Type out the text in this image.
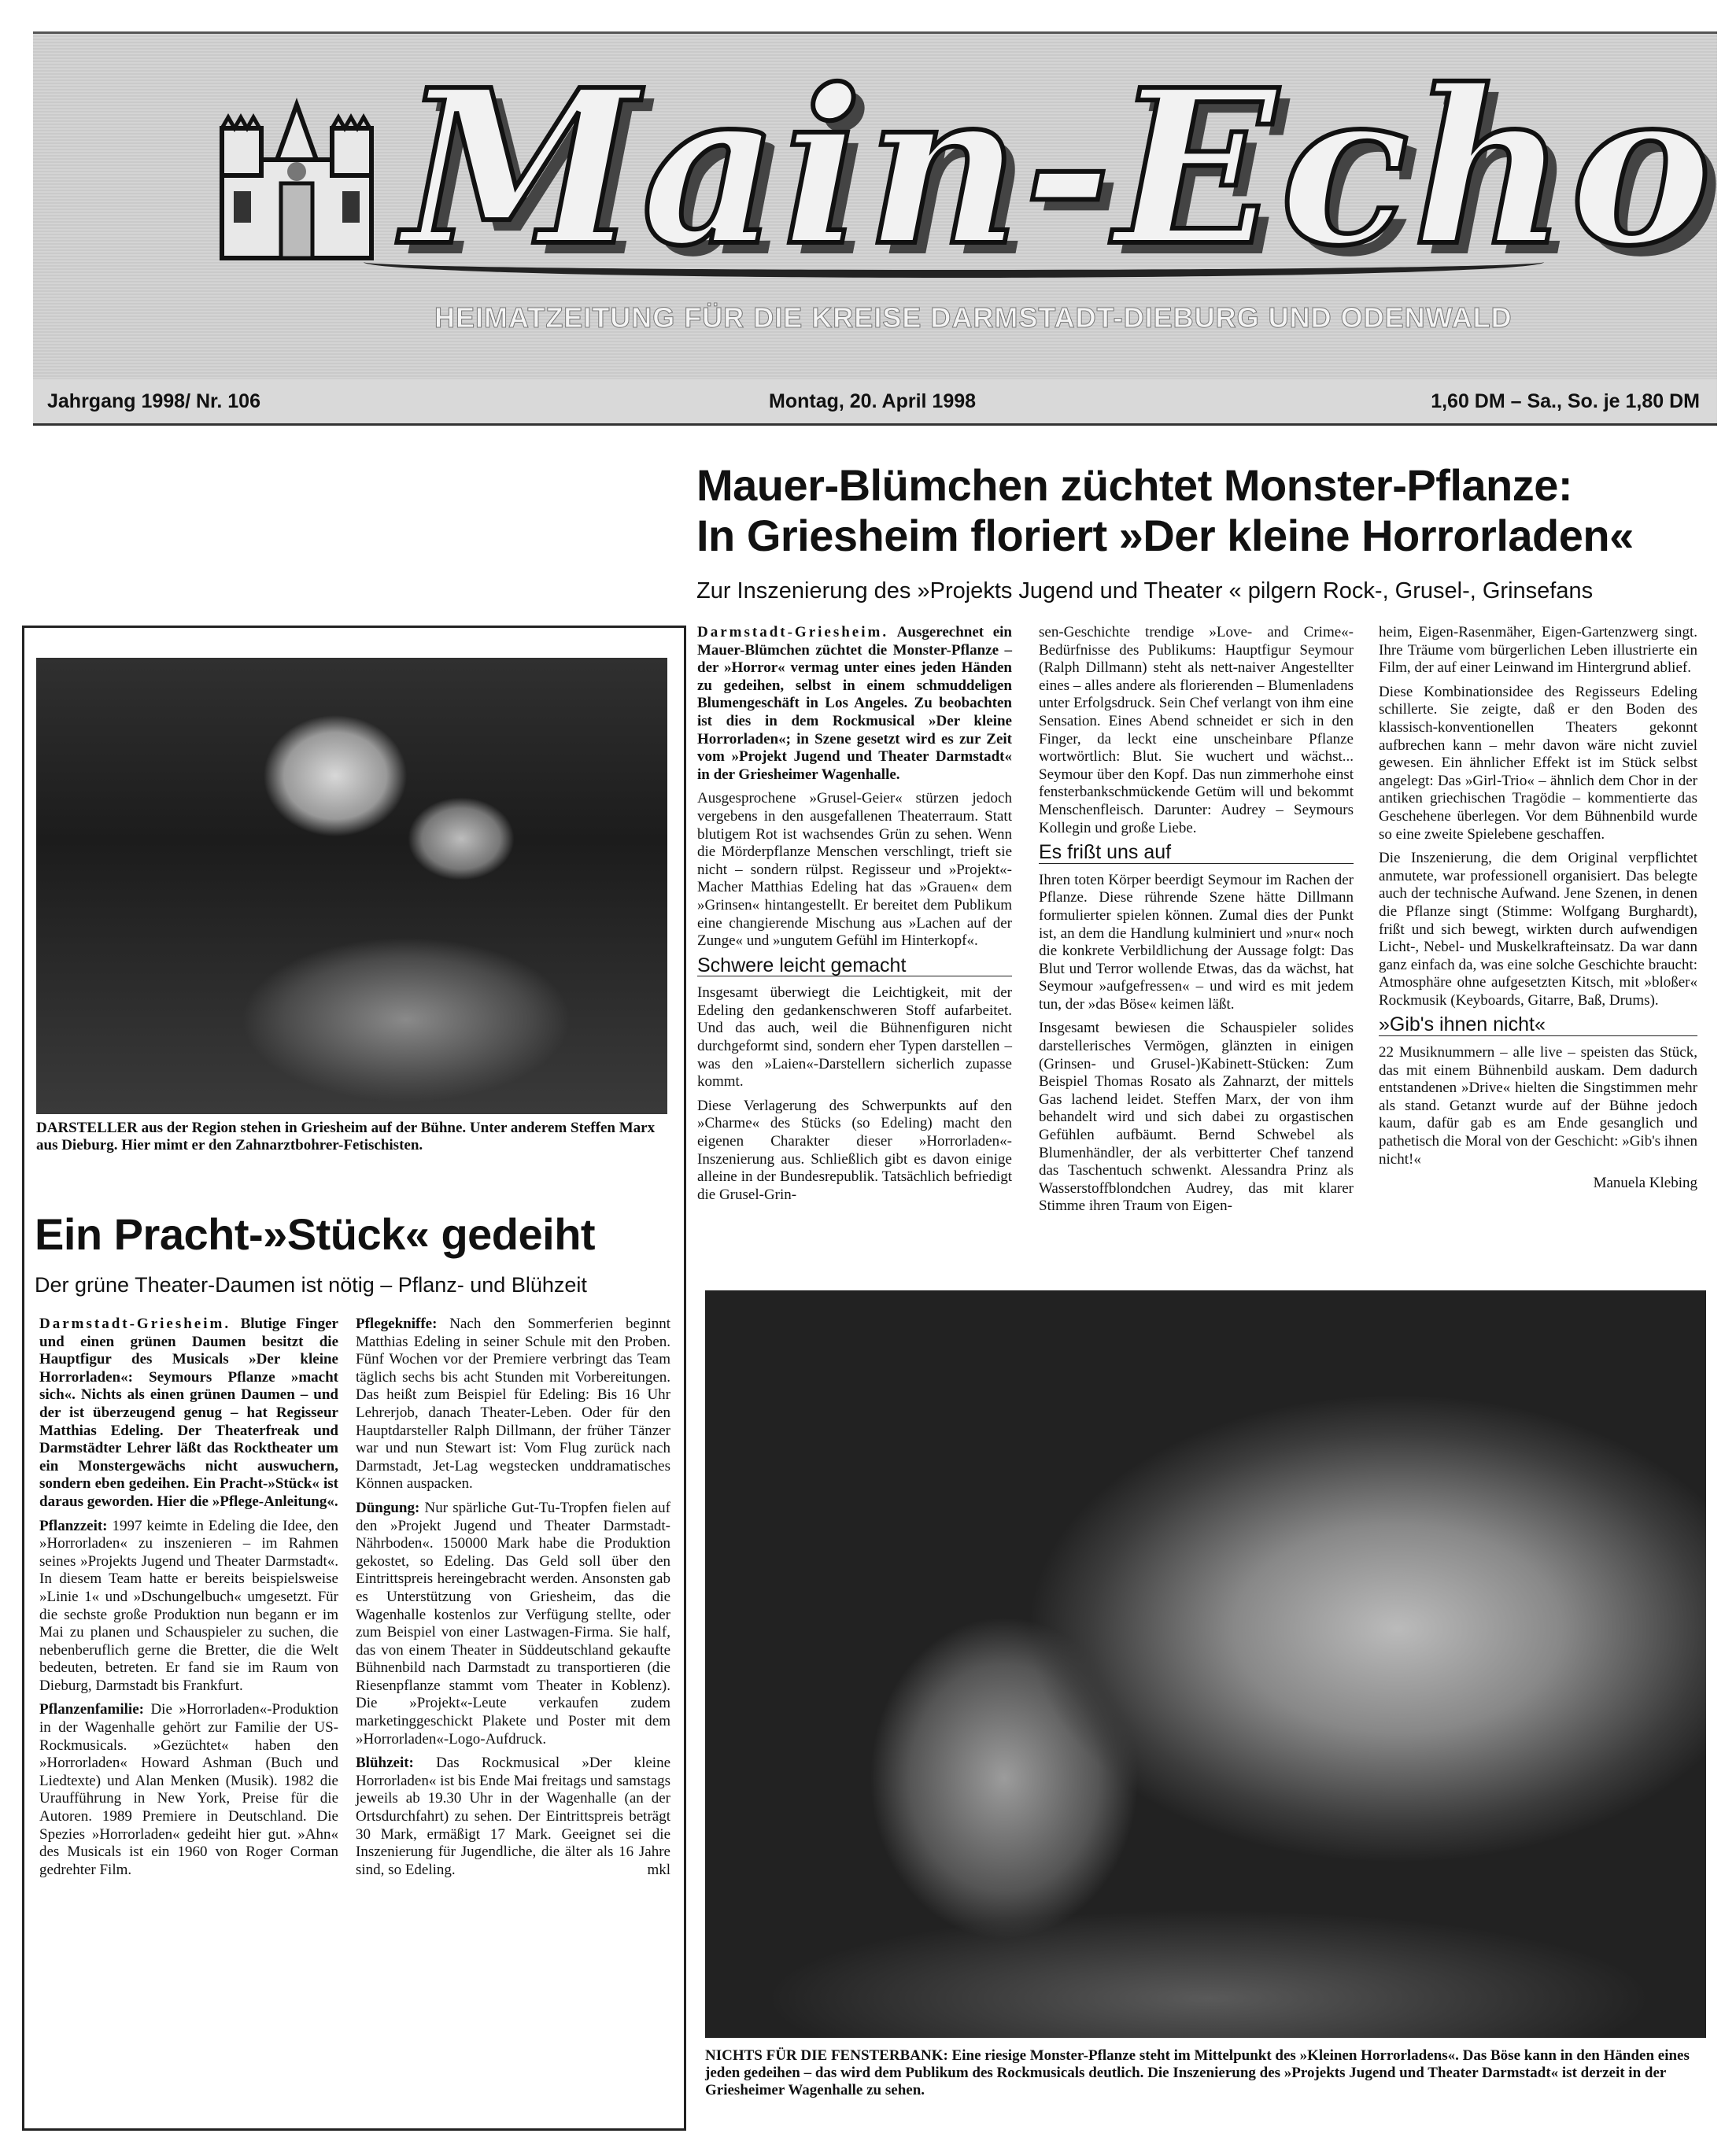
Main-Echo
HEIMATZEITUNG FÜR DIE KREISE DARMSTADT-DIEBURG UND ODENWALD
Jahrgang 1998/ Nr. 106	Montag, 20. April 1998	1,60 DM – Sa., So. je 1,80 DM
Mauer-Blümchen züchtet Monster-Pflanze:
In Griesheim floriert »Der kleine Horrorladen«
Zur Inszenierung des »Projekts Jugend und Theater « pilgern Rock-, Grusel-, Grinsefans
DARSTELLER aus der Region stehen in Griesheim auf der Bühne. Unter anderem Steffen Marx aus Dieburg. Hier mimt er den Zahnarztbohrer-Fetischisten.
Ein Pracht-»Stück« gedeiht
Der grüne Theater-Daumen ist nötig – Pflanz- und Blühzeit

Darmstadt-Griesheim. Blutige Finger und einen grünen Daumen besitzt die Hauptfigur des Musicals »Der kleine Horrorladen«: Seymours Pflanze »macht sich«. Nichts als einen grünen Daumen – und der ist überzeugend genug – hat Regisseur Matthias Edeling. Der Theaterfreak und Darmstädter Lehrer läßt das Rocktheater um ein Monstergewächs nicht auswuchern, sondern eben gedeihen. Ein Pracht-»Stück« ist daraus geworden. Hier die »Pflege-Anleitung«.

Pflanzzeit: 1997 keimte in Edeling die Idee, den »Horrorladen« zu inszenieren – im Rahmen seines »Projekts Jugend und Theater Darmstadt«. In diesem Team hatte er bereits beispielsweise »Linie 1« und »Dschungelbuch« umgesetzt. Für die sechste große Produktion nun begann er im Mai zu planen und Schauspieler zu suchen, die nebenberuflich gerne die Bretter, die die Welt bedeuten, betreten. Er fand sie im Raum von Dieburg, Darmstadt bis Frankfurt.

Pflanzenfamilie: Die »Horrorladen«-Produktion in der Wagenhalle gehört zur Familie der US-Rockmusicals. »Gezüchtet« haben den »Horrorladen« Howard Ashman (Buch und Liedtexte) und Alan Menken (Musik). 1982 die Uraufführung in New York, Preise für die Autoren. 1989 Premiere in Deutschland. Die Spezies »Horrorladen« gedeiht hier gut. »Ahn« des Musicals ist ein 1960 von Roger Corman gedrehter Film.

Pflegekniffe: Nach den Sommerferien beginnt Matthias Edeling in seiner Schule mit den Proben. Fünf Wochen vor der Premiere verbringt das Team täglich sechs bis acht Stunden mit Vorbereitungen. Das heißt zum Beispiel für Edeling: Bis 16 Uhr Lehrerjob, danach Theater-Leben. Oder für den Hauptdarsteller Ralph Dillmann, der früher Tänzer war und nun Stewart ist: Vom Flug zurück nach Darmstadt, Jet-Lag wegstecken unddramatisches Können auspacken.

Düngung: Nur spärliche Gut-Tu-Tropfen fielen auf den »Projekt Jugend und Theater Darmstadt-Nährboden«. 150000 Mark habe die Produktion gekostet, so Edeling. Das Geld soll über den Eintrittspreis hereingebracht werden. Ansonsten gab es Unterstützung von Griesheim, das die Wagenhalle kostenlos zur Verfügung stellte, oder zum Beispiel von einer Lastwagen-Firma. Sie half, das von einem Theater in Süddeutschland gekaufte Bühnenbild nach Darmstadt zu transportieren (die Riesenpflanze stammt vom Theater in Koblenz). Die »Projekt«-Leute verkaufen zudem marketinggeschickt Plakete und Poster mit dem »Horrorladen«-Logo-Aufdruck.

Blühzeit: Das Rockmusical »Der kleine Horrorladen« ist bis Ende Mai freitags und samstags jeweils ab 19.30 Uhr in der Wagenhalle (an der Ortsdurchfahrt) zu sehen. Der Eintrittspreis beträgt 30 Mark, ermäßigt 17 Mark. Geeignet sei die Inszenierung für Jugendliche, die älter als 16 Jahre sind, so Edeling.	mkl

Darmstadt-Griesheim. Ausgerechnet ein Mauer-Blümchen züchtet die Monster-Pflanze – der »Horror« vermag unter eines jeden Händen zu gedeihen, selbst in einem schmuddeligen Blumengeschäft in Los Angeles. Zu beobachten ist dies in dem Rockmusical »Der kleine Horrorladen«; in Szene gesetzt wird es zur Zeit vom »Projekt Jugend und Theater Darmstadt« in der Griesheimer Wagenhalle.

Ausgesprochene »Grusel-Geier« stürzen jedoch vergebens in den ausgefallenen Theaterraum. Statt blutigem Rot ist wachsendes Grün zu sehen. Wenn die Mörderpflanze Menschen verschlingt, trieft sie nicht – sondern rülpst. Regisseur und »Projekt«-Macher Matthias Edeling hat das »Grauen« dem »Grinsen« hintangestellt. Er bereitet dem Publikum eine changierende Mischung aus »Lachen auf der Zunge« und »ungutem Gefühl im Hinterkopf«.

Schwere leicht gemacht

Insgesamt überwiegt die Leichtigkeit, mit der Edeling den gedankenschweren Stoff aufarbeitet. Und das auch, weil die Bühnenfiguren nicht durchgeformt sind, sondern eher Typen darstellen – was den »Laien«-Darstellern sicherlich zupasse kommt.

Diese Verlagerung des Schwerpunkts auf den »Charme« des Stücks (so Edeling) macht den eigenen Charakter dieser »Horrorladen«-Inszenierung aus. Schließlich gibt es davon einige alleine in der Bundesrepublik. Tatsächlich befriedigt die Grusel-Grin-

sen-Geschichte trendige »Love- and Crime«-Bedürfnisse des Publikums: Hauptfigur Seymour (Ralph Dillmann) steht als nett-naiver Angestellter eines – alles andere als florierenden – Blumenladens unter Erfolgsdruck. Sein Chef verlangt von ihm eine Sensation. Eines Abend schneidet er sich in den Finger, da leckt eine unscheinbare Pflanze wortwörtlich: Blut. Sie wuchert und wächst... Seymour über den Kopf. Das nun zimmerhohe einst fensterbankschmückende Getüm will und bekommt Menschenfleisch. Darunter: Audrey – Seymours Kollegin und große Liebe.

Es frißt uns auf

Ihren toten Körper beerdigt Seymour im Rachen der Pflanze. Diese rührende Szene hätte Dillmann formulierter spielen können. Zumal dies der Punkt ist, an dem die Handlung kulminiert und »nur« noch die konkrete Verbildlichung der Aussage folgt: Das Blut und Terror wollende Etwas, das da wächst, hat Seymour »aufgefressen« – und wird es mit jedem tun, der »das Böse« keimen läßt.

Insgesamt bewiesen die Schauspieler solides darstellerisches Vermögen, glänzten in einigen (Grinsen- und Grusel-)Kabinett-Stücken: Zum Beispiel Thomas Rosato als Zahnarzt, der mittels Gas lachend leidet. Steffen Marx, der von ihm behandelt wird und sich dabei zu orgastischen Gefühlen aufbäumt. Bernd Schwebel als Blumenhändler, der als verbitterter Chef tanzend das Taschentuch schwenkt. Alessandra Prinz als Wasserstoffblondchen Audrey, das mit klarer Stimme ihren Traum von Eigen-

heim, Eigen-Rasenmäher, Eigen-Gartenzwerg singt. Ihre Träume vom bürgerlichen Leben illustrierte ein Film, der auf einer Leinwand im Hintergrund ablief.

Diese Kombinationsidee des Regisseurs Edeling schillerte. Sie zeigte, daß er den Boden des klassisch-konventionellen Theaters gekonnt aufbrechen kann – mehr davon wäre nicht zuviel gewesen. Ein ähnlicher Effekt ist im Stück selbst angelegt: Das »Girl-Trio« – ähnlich dem Chor in der antiken griechischen Tragödie – kommentierte das Geschehene überlegen. Vor dem Bühnenbild wurde so eine zweite Spielebene geschaffen.

Die Inszenierung, die dem Original verpflichtet anmutete, war professionell organisiert. Das belegte auch der technische Aufwand. Jene Szenen, in denen die Pflanze singt (Stimme: Wolfgang Burghardt), frißt und sich bewegt, wirkten durch aufwendigen Licht-, Nebel- und Muskelkrafteinsatz. Da war dann ganz einfach da, was eine solche Geschichte braucht: Atmosphäre ohne aufgesetzten Kitsch, mit »bloßer« Rockmusik (Keyboards, Gitarre, Baß, Drums).

»Gib's ihnen nicht«

22 Musiknummern – alle live – speisten das Stück, das mit einem Bühnenbild auskam. Dem dadurch entstandenen »Drive« hielten die Singstimmen mehr als stand. Getanzt wurde auf der Bühne jedoch kaum, dafür gab es am Ende gesanglich und pathetisch die Moral von der Geschicht: »Gib's ihnen nicht!«

Manuela Klebing
NICHTS FÜR DIE FENSTERBANK: Eine riesige Monster-Pflanze steht im Mittelpunkt des »Kleinen Horrorladens«. Das Böse kann in den Händen eines jeden gedeihen – das wird dem Publikum des Rockmusicals deutlich. Die Inszenierung des »Projekts Jugend und Theater Darmstadt« ist derzeit in der Griesheimer Wagenhalle zu sehen.
